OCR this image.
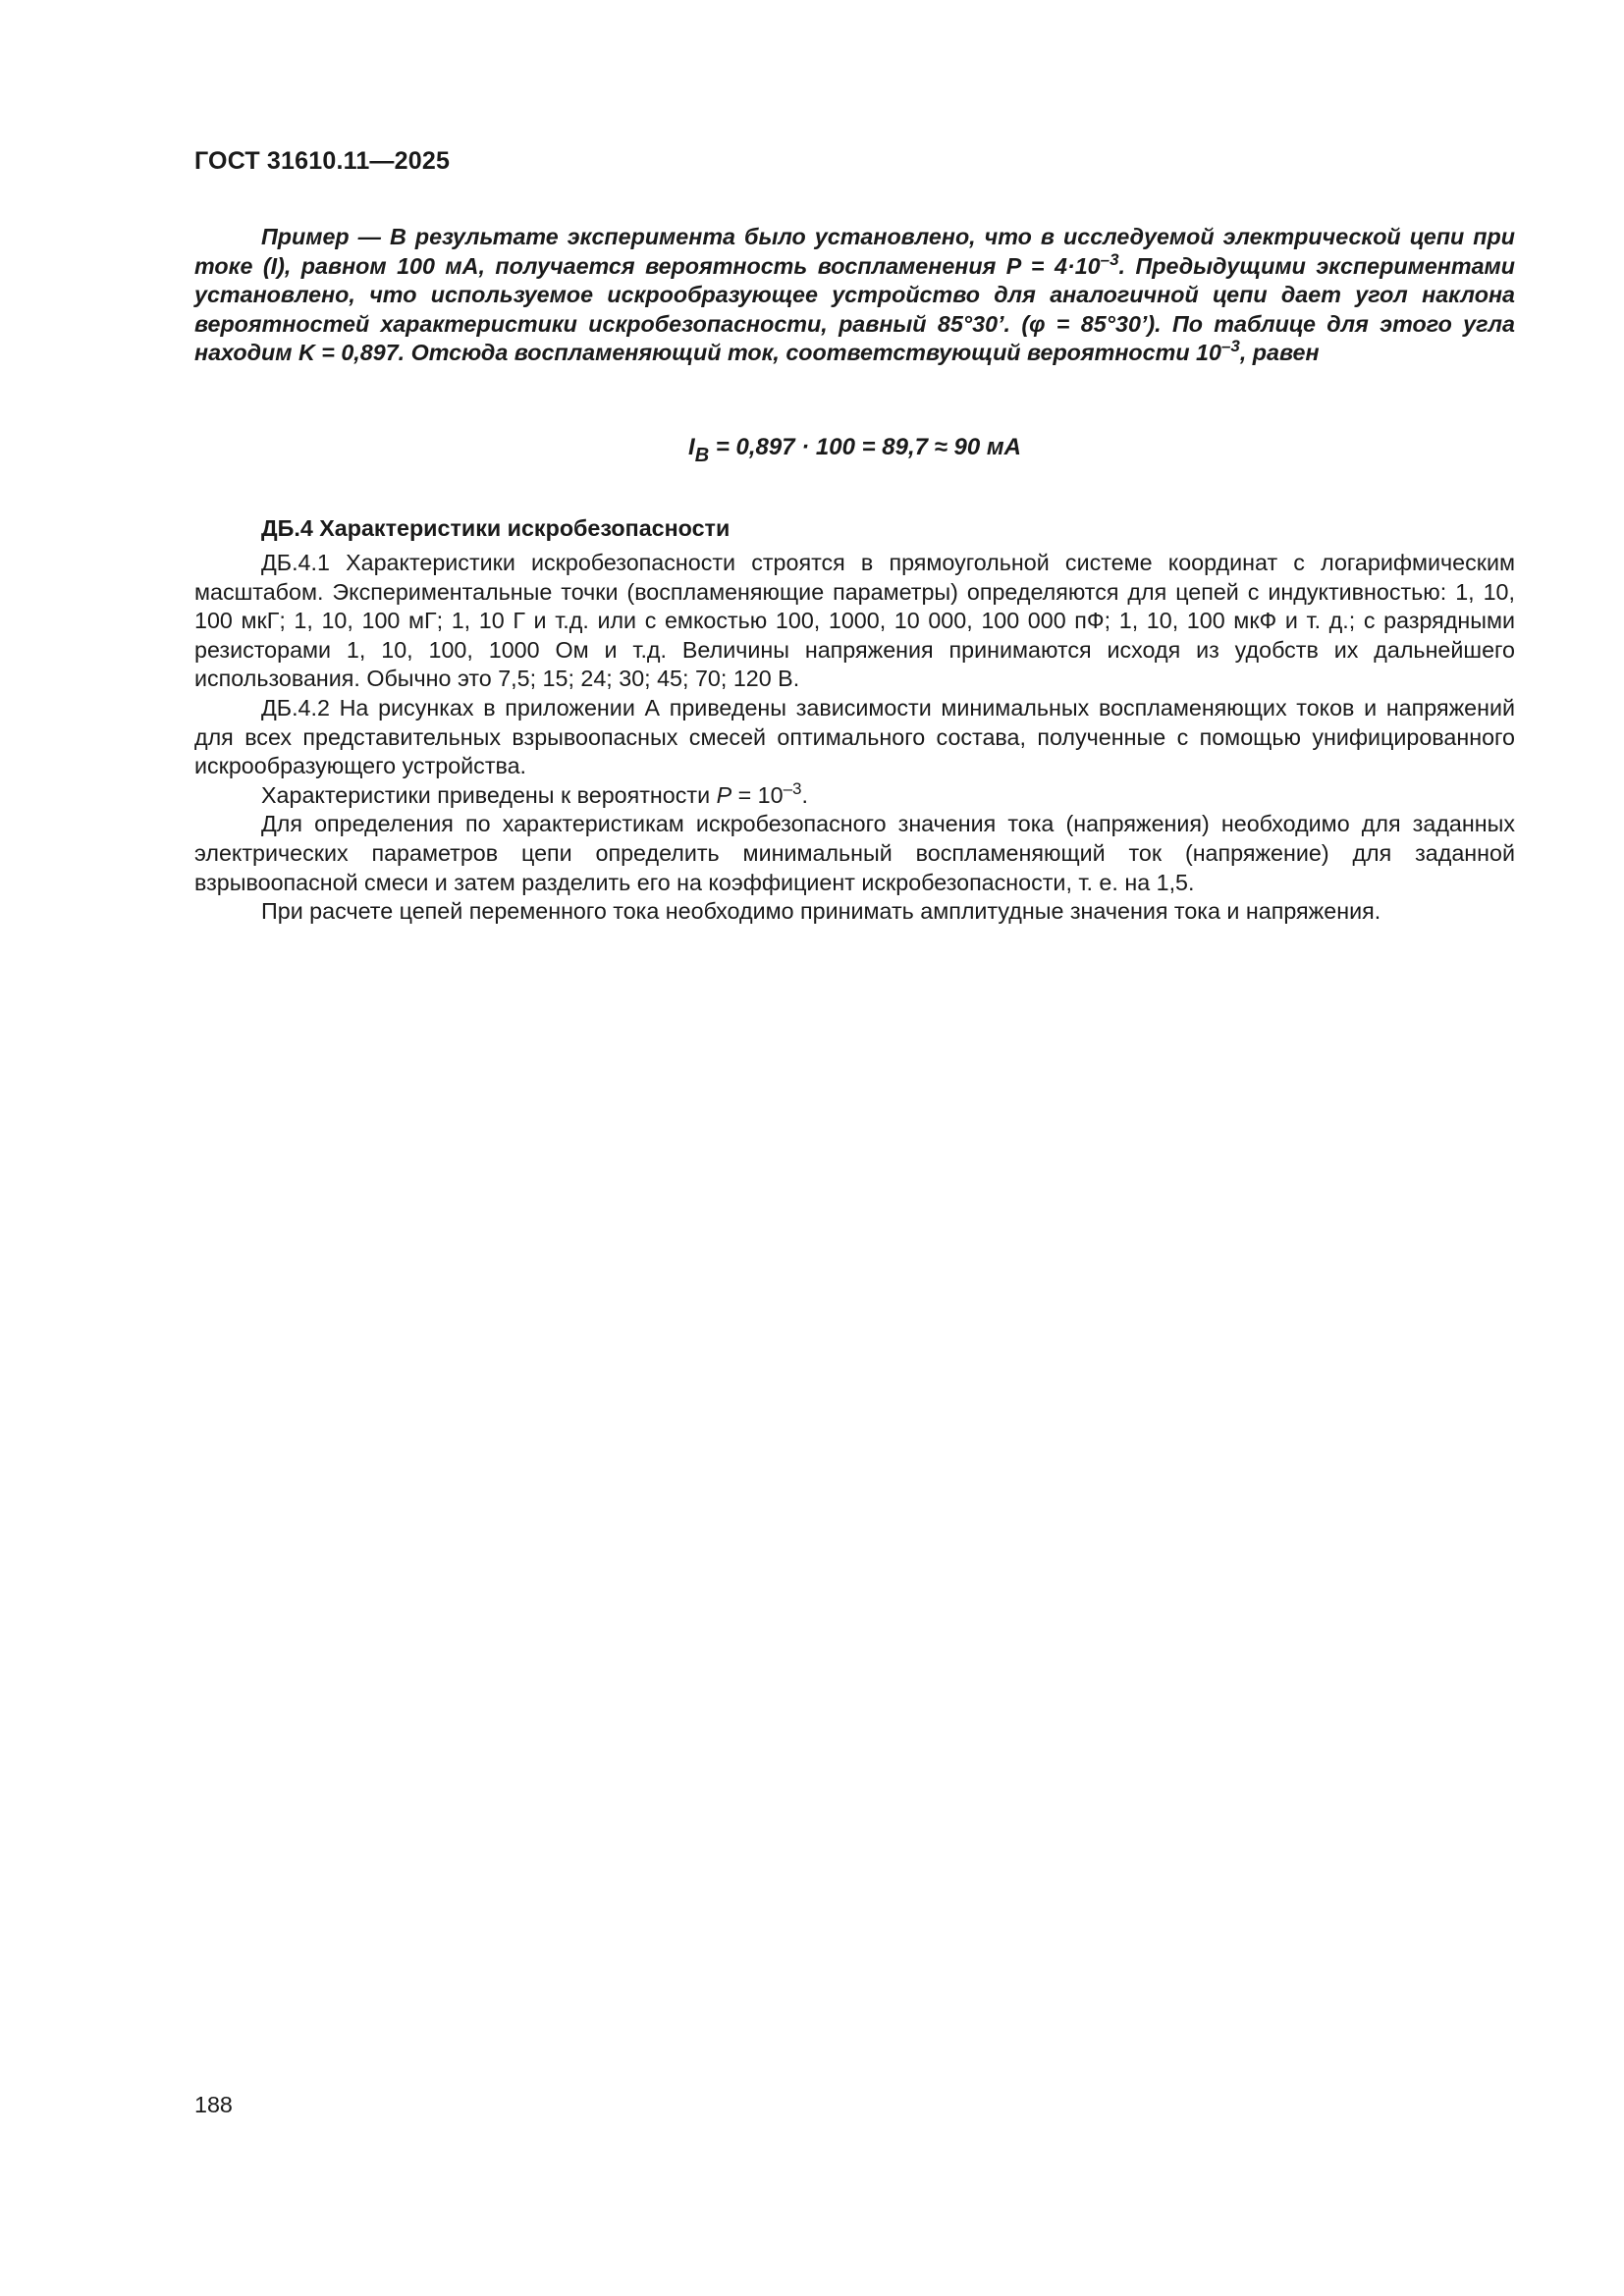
ГОСТ 31610.11—2025
Пример — В результате эксперимента было установлено, что в исследуемой электрической цепи при токе (I), равном 100 мА, получается вероятность воспламенения $P = 4\cdot 10^{-3}$. Предыдущими экспериментами установлено, что используемое искрообразующее устройство для аналогичной цепи дает угол наклона вероятностей характеристики искробезопасности, равный 85°30’. (φ = 85°30’). По таблице для этого угла находим K = 0,897. Отсюда воспламеняющий ток, соответствующий вероятности $10^{-3}$, равен
$I_B = 0,897 \cdot 100 = 89,7 \approx 90$ мА
ДБ.4 Характеристики искробезопасности

ДБ.4.1 Характеристики искробезопасности строятся в прямоугольной системе координат с логарифмическим масштабом. Экспериментальные точки (воспламеняющие параметры) определяются для цепей с индуктивностью: 1, 10, 100 мкГ; 1, 10, 100 мГ; 1, 10 Г и т.д. или с емкостью 100, 1000, 10 000, 100 000 пФ; 1, 10, 100 мкФ и т. д.; с разрядными резисторами 1, 10, 100, 1000 Ом и т.д. Величины напряжения принимаются исходя из удобств их дальнейшего использования. Обычно это 7,5; 15; 24; 30; 45; 70; 120 В.

ДБ.4.2 На рисунках в приложении А приведены зависимости минимальных воспламеняющих токов и напряжений для всех представительных взрывоопасных смесей оптимального состава, полученные с помощью унифицированного искрообразующего устройства.

Характеристики приведены к вероятности $P = 10^{-3}$.

Для определения по характеристикам искробезопасного значения тока (напряжения) необходимо для заданных электрических параметров цепи определить минимальный воспламеняющий ток (напряжение) для заданной взрывоопасной смеси и затем разделить его на коэффициент искробезопасности, т. е. на 1,5.

При расчете цепей переменного тока необходимо принимать амплитудные значения тока и напряжения.

188
